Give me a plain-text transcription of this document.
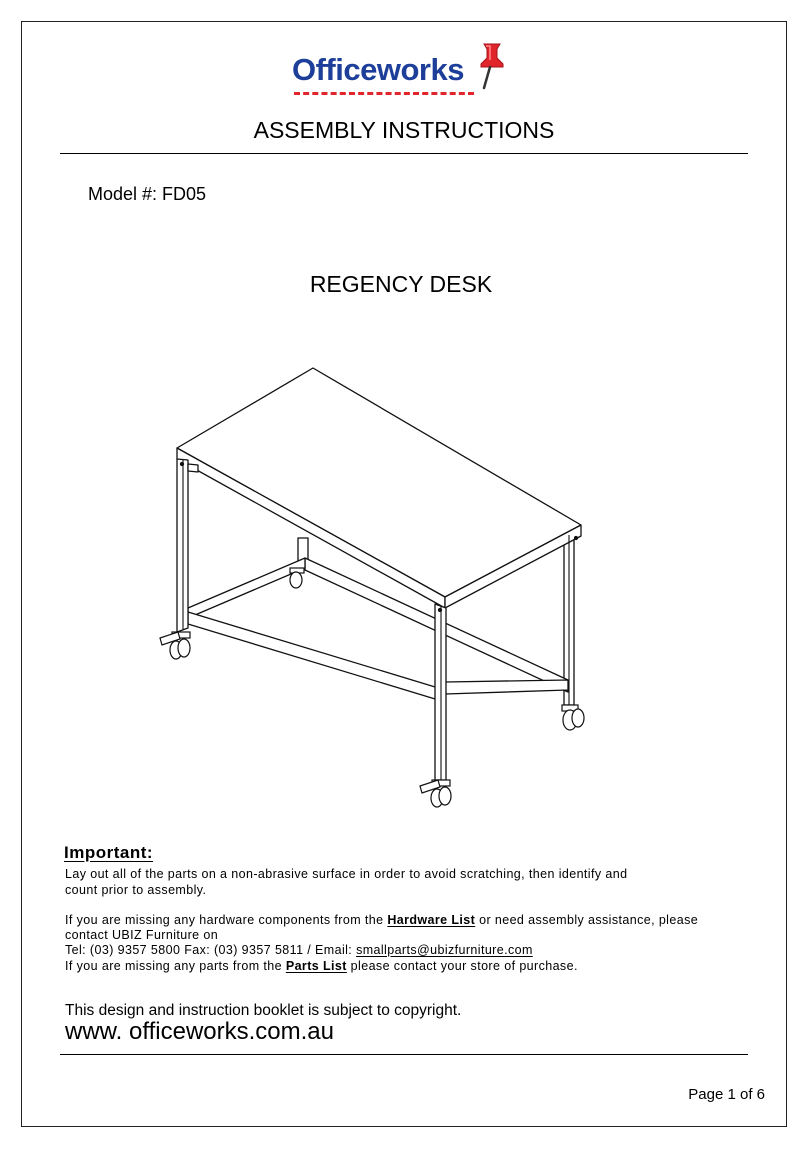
Officeworks
ASSEMBLY INSTRUCTIONS
Model #: FD05
REGENCY DESK
Important:
Lay out all of the parts on a non-abrasive surface in order to avoid scratching, then identify and
count prior to assembly.
If you are missing any hardware components from the Hardware List or need assembly assistance, please
contact UBIZ Furniture on
Tel: (03) 9357 5800 Fax: (03) 9357 5811 / Email: smallparts@ubizfurniture.com
If you are missing any parts from the Parts List please contact your store of purchase.
This design and instruction booklet is subject to copyright.
www. officeworks.com.au
Page 1 of 6
